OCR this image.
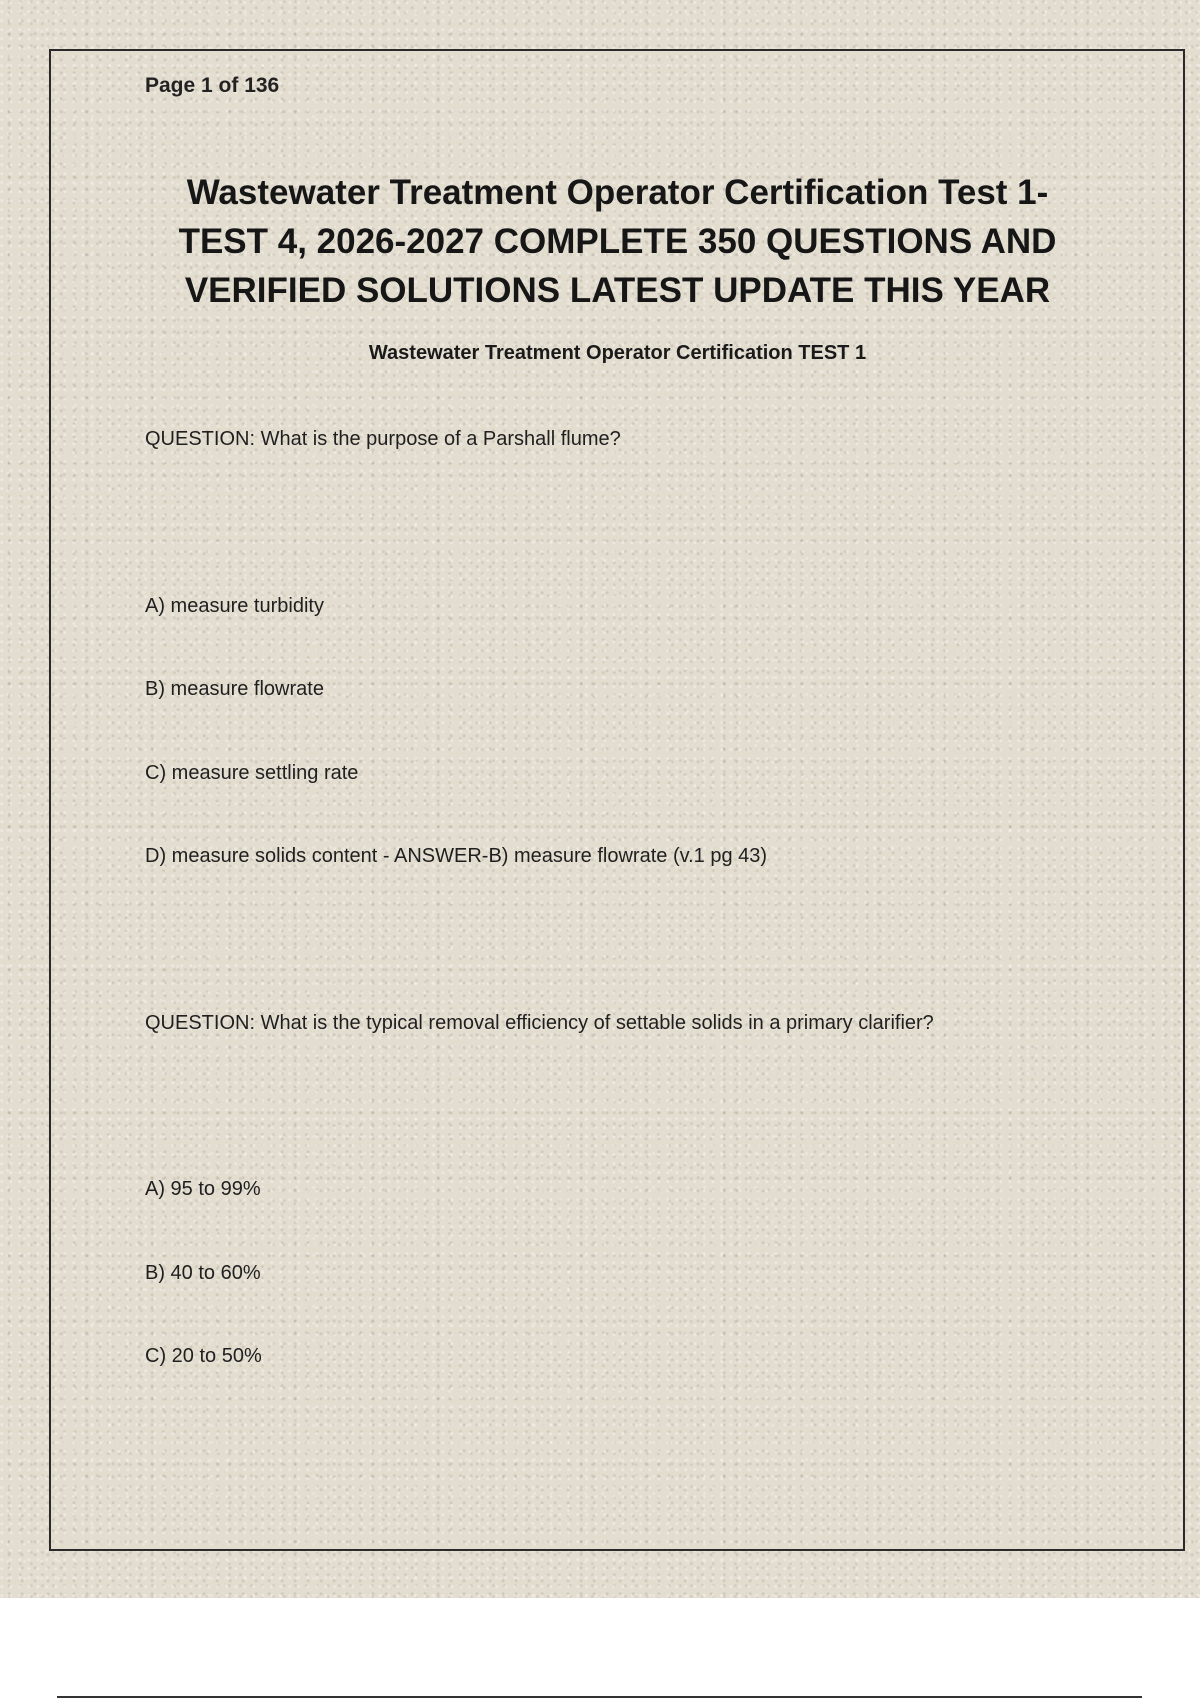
Page 1 of 136
Wastewater Treatment Operator Certification Test 1-
TEST 4, 2026-2027 COMPLETE 350 QUESTIONS AND
VERIFIED SOLUTIONS LATEST UPDATE THIS YEAR
Wastewater Treatment Operator Certification TEST 1
QUESTION: What is the purpose of a Parshall flume?
A) measure turbidity
B) measure flowrate
C) measure settling rate
D) measure solids content - ANSWER-B) measure flowrate (v.1 pg 43)
QUESTION: What is the typical removal efficiency of settable solids in a primary clarifier?
A) 95 to 99%
B) 40 to 60%
C) 20 to 50%
